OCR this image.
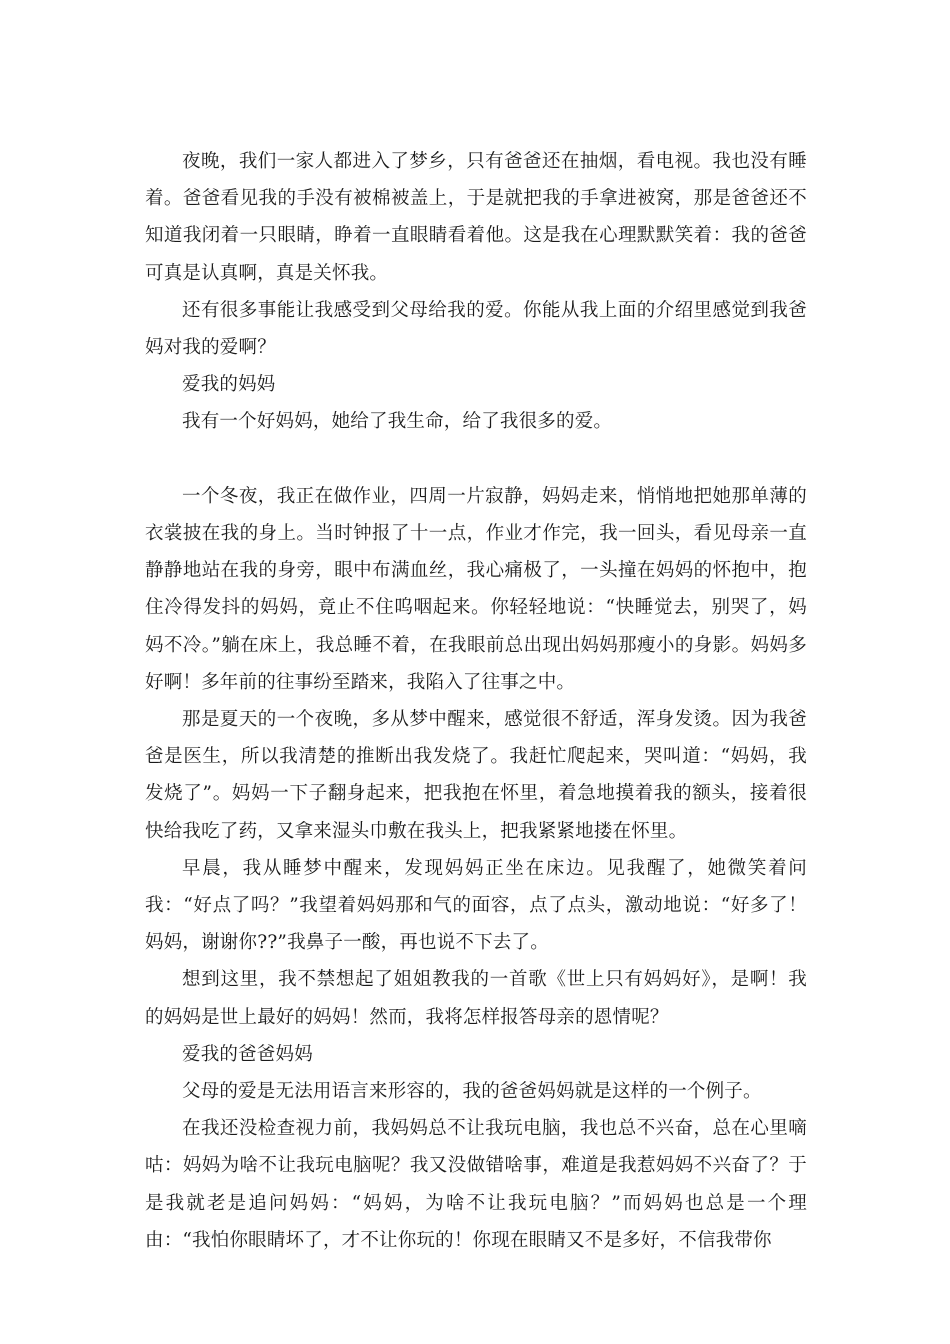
夜晚，我们一家人都进入了梦乡，只有爸爸还在抽烟，看电视。我也没有睡着。爸爸看见我的手没有被棉被盖上，于是就把我的手拿进被窝，那是爸爸还不知道我闭着一只眼睛，睁着一直眼睛看着他。这是我在心理默默笑着：我的爸爸可真是认真啊，真是关怀我。

还有很多事能让我感受到父母给我的爱。你能从我上面的介绍里感觉到我爸妈对我的爱啊？

爱我的妈妈

我有一个好妈妈，她给了我生命，给了我很多的爱。

一个冬夜，我正在做作业，四周一片寂静，妈妈走来，悄悄地把她那单薄的衣裳披在我的身上。当时钟报了十一点，作业才作完，我一回头，看见母亲一直静静地站在我的身旁，眼中布满血丝，我心痛极了，一头撞在妈妈的怀抱中，抱住冷得发抖的妈妈，竟止不住呜咽起来。你轻轻地说：“快睡觉去，别哭了，妈妈不冷。”躺在床上，我总睡不着，在我眼前总出现出妈妈那瘦小的身影。妈妈多好啊！多年前的往事纷至踏来，我陷入了往事之中。

那是夏天的一个夜晚，多从梦中醒来，感觉很不舒适，浑身发烫。因为我爸爸是医生，所以我清楚的推断出我发烧了。我赶忙爬起来，哭叫道：“妈妈，我发烧了”。妈妈一下子翻身起来，把我抱在怀里，着急地摸着我的额头，接着很快给我吃了药，又拿来湿头巾敷在我头上，把我紧紧地搂在怀里。

早晨，我从睡梦中醒来，发现妈妈正坐在床边。见我醒了，她微笑着问我：“好点了吗？”我望着妈妈那和气的面容，点了点头，激动地说：“好多了！妈妈，谢谢你??”我鼻子一酸，再也说不下去了。

想到这里，我不禁想起了姐姐教我的一首歌《世上只有妈妈好》，是啊！我的妈妈是世上最好的妈妈！然而，我将怎样报答母亲的恩情呢？

爱我的爸爸妈妈

父母的爱是无法用语言来形容的，我的爸爸妈妈就是这样的一个例子。

在我还没检查视力前，我妈妈总不让我玩电脑，我也总不兴奋，总在心里嘀咕：妈妈为啥不让我玩电脑呢？我又没做错啥事，难道是我惹妈妈不兴奋了？于是我就老是追问妈妈：“妈妈，为啥不让我玩电脑？”而妈妈也总是一个理由：“我怕你眼睛坏了，才不让你玩的！你现在眼睛又不是多好，不信我带你
